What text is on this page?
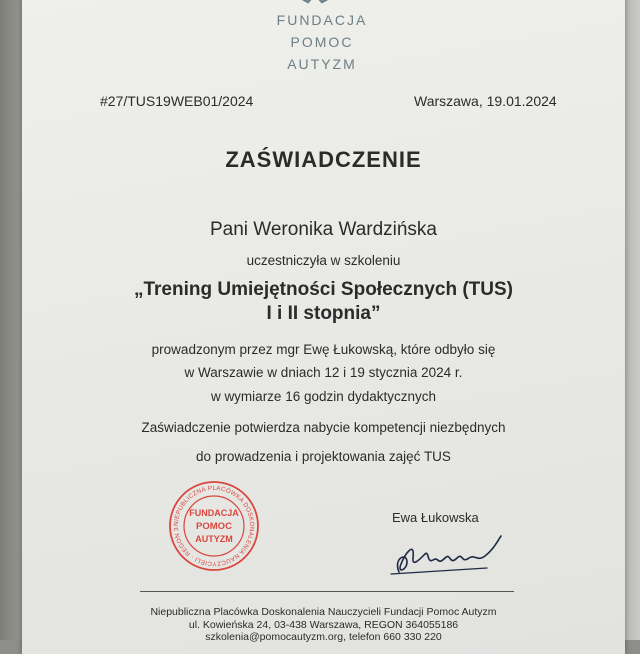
FUNDACJA
POMOC
AUTYZM
#27/TUS19WEB01/2024	Warszawa, 19.01.2024
ZAŚWIADCZENIE
Pani Weronika Wardzińska
uczestniczyła w szkoleniu
„Trening Umiejętności Społecznych (TUS)
I i II stopnia”
prowadzonym przez mgr Ewę Łukowską, które odbyło się
w Warszawie w dniach 12 i 19 stycznia 2024 r.
w wymiarze 16 godzin dydaktycznych
Zaświadczenie potwierdza nabycie kompetencji niezbędnych
do prowadzenia i projektowania zajęć TUS
NIEPUBLICZNA PLACÓWKA DOSKONALENIA NAUCZYCIELI · REGON 3
FUNDACJA
POMOC
AUTYZM
Ewa Łukowska
Niepubliczna Placówka Doskonalenia Nauczycieli Fundacji Pomoc Autyzm
ul. Kowieńska 24, 03-438 Warszawa, REGON 364055186
szkolenia@pomocautyzm.org, telefon 660 330 220
